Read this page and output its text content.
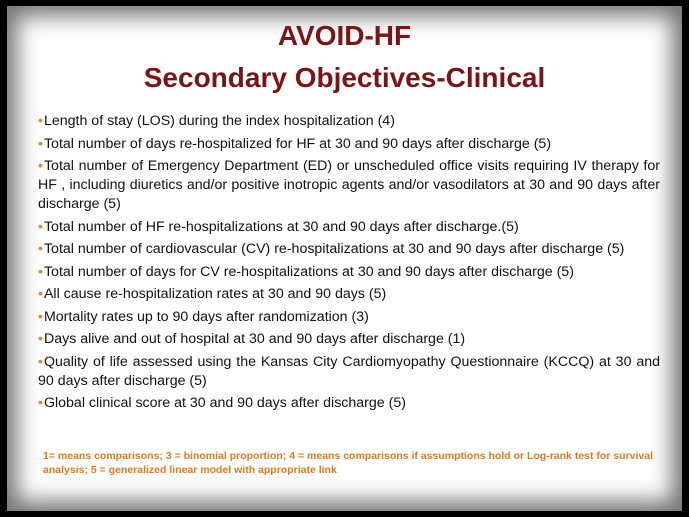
AVOID-HF
Secondary Objectives-Clinical
•Length of stay (LOS) during the index hospitalization (4)
•Total number of days re-hospitalized for HF at 30 and 90 days after discharge (5)
•Total number of Emergency Department (ED) or unscheduled office visits requiring IV therapy for HF , including diuretics and/or positive inotropic agents and/or vasodilators at 30 and 90 days after discharge (5)
•Total number of HF re-hospitalizations at 30 and 90 days after discharge.(5)
•Total number of cardiovascular (CV) re-hospitalizations at 30 and 90 days after discharge (5)
•Total number of days for CV re-hospitalizations at 30 and 90 days after discharge (5)
•All cause re-hospitalization rates at 30 and 90 days (5)
•Mortality rates up to 90 days after randomization (3)
•Days alive and out of hospital at 30 and 90 days after discharge (1)
•Quality of life assessed using the Kansas City Cardiomyopathy Questionnaire (KCCQ) at 30 and 90 days after discharge (5)
•Global clinical score at 30 and 90 days after discharge (5)

1= means comparisons; 3 = binomial proportion; 4 = means comparisons if assumptions hold or Log-rank test for survival analysis; 5 = generalized linear model with appropriate link
